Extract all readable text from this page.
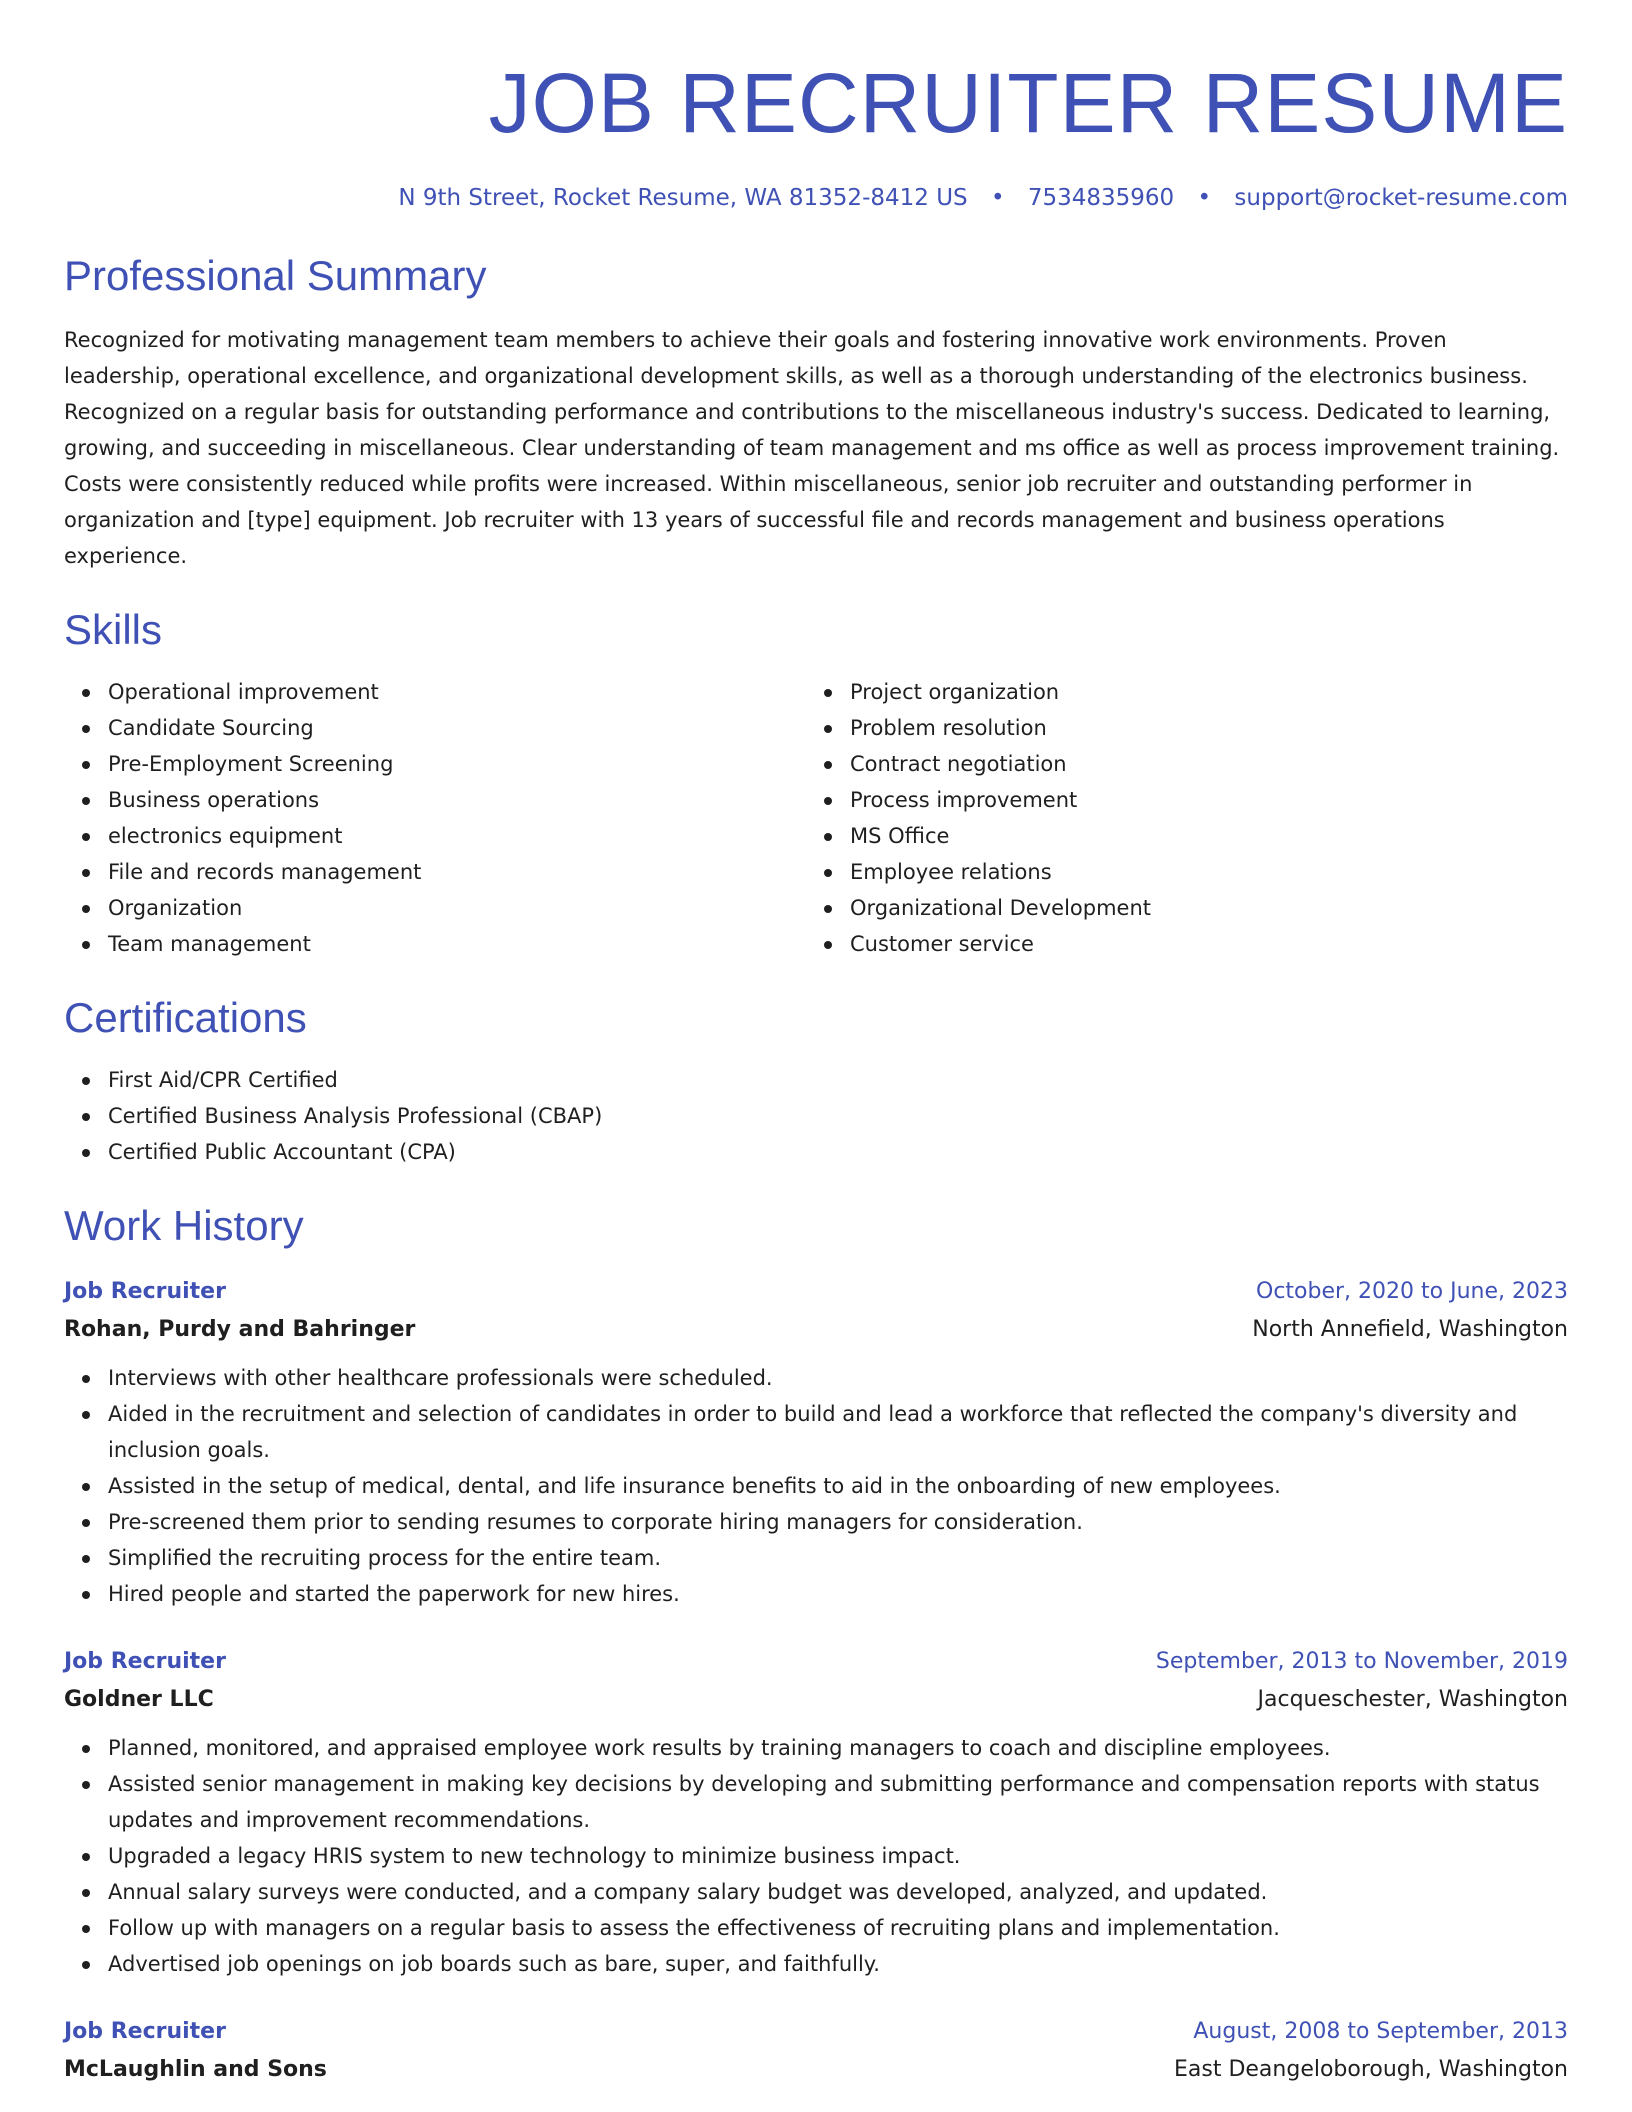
JOB RECRUITER RESUME
N 9th Street, Rocket Resume, WA 81352-8412 US • 7534835960 • support@rocket-resume.com
Professional Summary
Recognized for motivating management team members to achieve their goals and fostering innovative work environments. Proven leadership, operational excellence, and organizational development skills, as well as a thorough understanding of the electronics business. Recognized on a regular basis for outstanding performance and contributions to the miscellaneous industry's success. Dedicated to learning, growing, and succeeding in miscellaneous. Clear understanding of team management and ms office as well as process improvement training. Costs were consistently reduced while profits were increased. Within miscellaneous, senior job recruiter and outstanding performer in organization and [type] equipment. Job recruiter with 13 years of successful file and records management and business operations experience.
Skills
Operational improvement
Candidate Sourcing
Pre-Employment Screening
Business operations
electronics equipment
File and records management
Organization
Team management
Project organization
Problem resolution
Contract negotiation
Process improvement
MS Office
Employee relations
Organizational Development
Customer service
Certifications
First Aid/CPR Certified
Certified Business Analysis Professional (CBAP)
Certified Public Accountant (CPA)
Work History
Job Recruiter	October, 2020 to June, 2023
Rohan, Purdy and Bahringer	North Annefield, Washington
Interviews with other healthcare professionals were scheduled.
Aided in the recruitment and selection of candidates in order to build and lead a workforce that reflected the company's diversity and inclusion goals.
Assisted in the setup of medical, dental, and life insurance benefits to aid in the onboarding of new employees.
Pre-screened them prior to sending resumes to corporate hiring managers for consideration.
Simplified the recruiting process for the entire team.
Hired people and started the paperwork for new hires.
Job Recruiter	September, 2013 to November, 2019
Goldner LLC	Jacqueschester, Washington
Planned, monitored, and appraised employee work results by training managers to coach and discipline employees.
Assisted senior management in making key decisions by developing and submitting performance and compensation reports with status updates and improvement recommendations.
Upgraded a legacy HRIS system to new technology to minimize business impact.
Annual salary surveys were conducted, and a company salary budget was developed, analyzed, and updated.
Follow up with managers on a regular basis to assess the effectiveness of recruiting plans and implementation.
Advertised job openings on job boards such as bare, super, and faithfully.
Job Recruiter	August, 2008 to September, 2013
McLaughlin and Sons	East Deangeloborough, Washington
